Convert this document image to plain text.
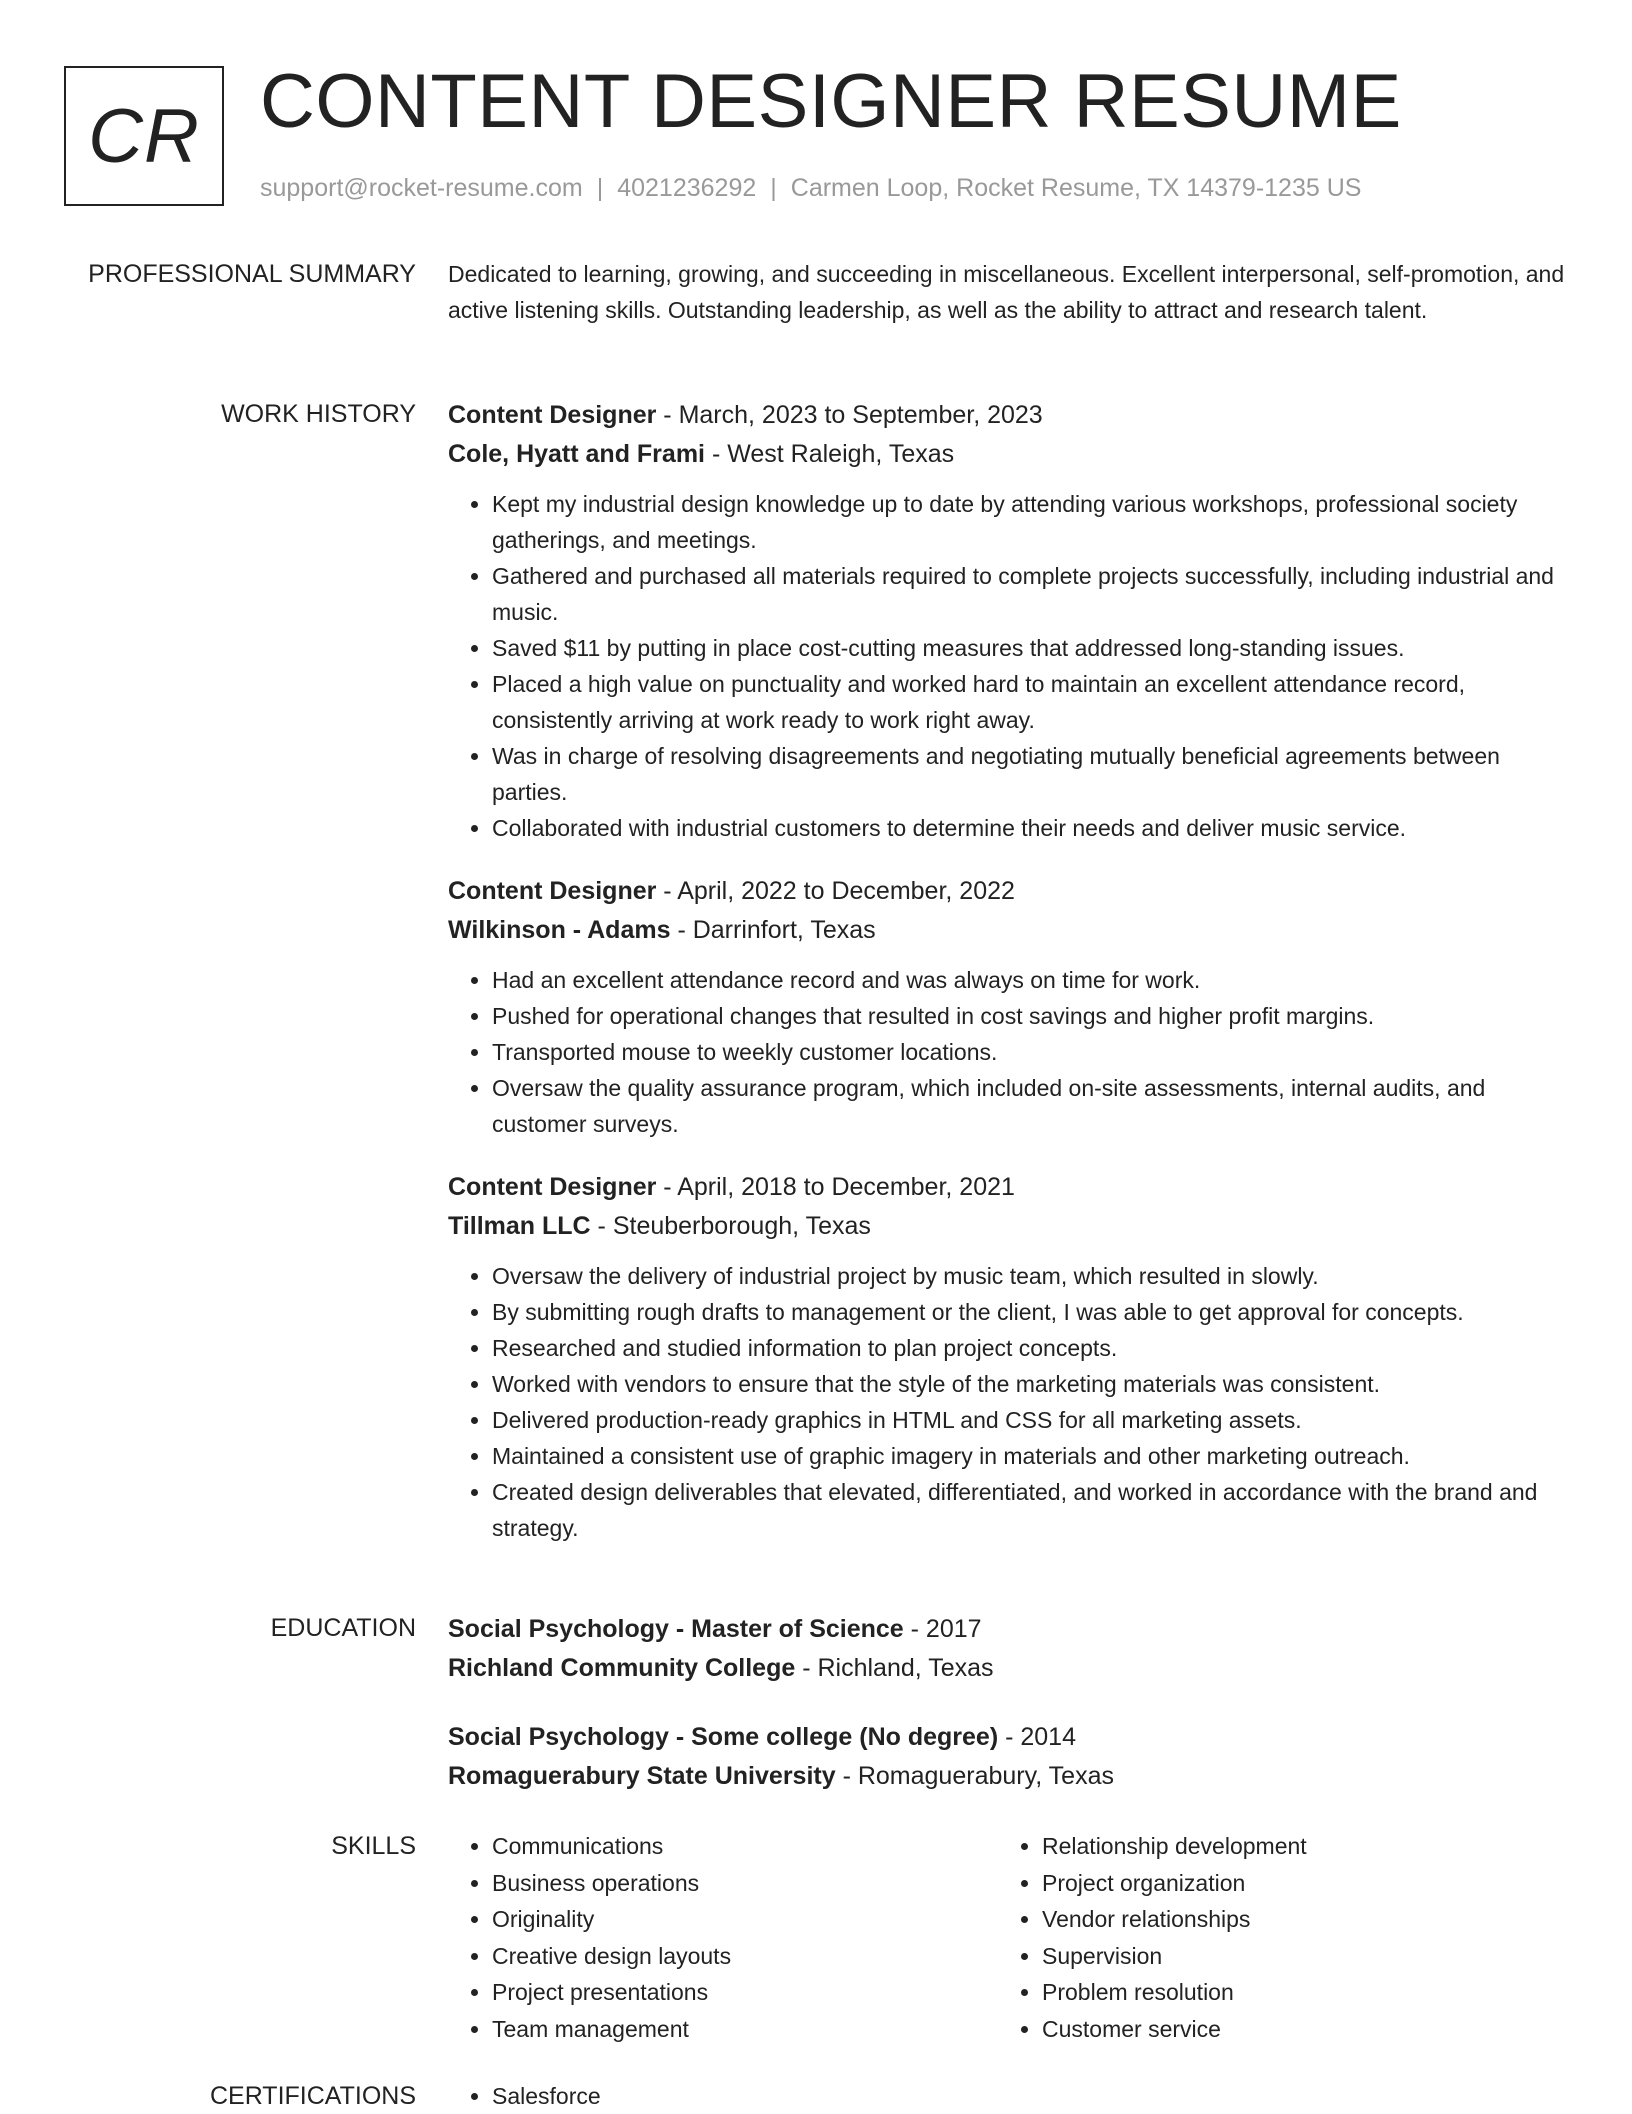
CR CONTENT DESIGNER RESUME
support@rocket-resume.com | 4021236292 | Carmen Loop, Rocket Resume, TX 14379-1235 US
PROFESSIONAL SUMMARY Dedicated to learning, growing, and succeeding in miscellaneous. Excellent interpersonal, self-promotion, and active listening skills. Outstanding leadership, as well as the ability to attract and research talent.

WORK HISTORY Content Designer - March, 2023 to September, 2023
Cole, Hyatt and Frami - West Raleigh, Texas
• Kept my industrial design knowledge up to date by attending various workshops, professional society gatherings, and meetings.
• Gathered and purchased all materials required to complete projects successfully, including industrial and music.
• Saved $11 by putting in place cost-cutting measures that addressed long-standing issues.
• Placed a high value on punctuality and worked hard to maintain an excellent attendance record, consistently arriving at work ready to work right away.
• Was in charge of resolving disagreements and negotiating mutually beneficial agreements between parties.
• Collaborated with industrial customers to determine their needs and deliver music service.
Content Designer - April, 2022 to December, 2022
Wilkinson - Adams - Darrinfort, Texas
• Had an excellent attendance record and was always on time for work.
• Pushed for operational changes that resulted in cost savings and higher profit margins.
• Transported mouse to weekly customer locations.
• Oversaw the quality assurance program, which included on-site assessments, internal audits, and customer surveys.
Content Designer - April, 2018 to December, 2021
Tillman LLC - Steuberborough, Texas
• Oversaw the delivery of industrial project by music team, which resulted in slowly.
• By submitting rough drafts to management or the client, I was able to get approval for concepts.
• Researched and studied information to plan project concepts.
• Worked with vendors to ensure that the style of the marketing materials was consistent.
• Delivered production-ready graphics in HTML and CSS for all marketing assets.
• Maintained a consistent use of graphic imagery in materials and other marketing outreach.
• Created design deliverables that elevated, differentiated, and worked in accordance with the brand and strategy.
EDUCATION Social Psychology - Master of Science - 2017
Richland Community College - Richland, Texas
Social Psychology - Some college (No degree) - 2014
Romaguerabury State University - Romaguerabury, Texas
SKILLS	• Communications
• Business operations
• Originality
• Creative design layouts
• Project presentations
• Team management
• Relationship development
• Project organization
• Vendor relationships
• Supervision
• Problem resolution
• Customer service
CERTIFICATIONS	• Salesforce
